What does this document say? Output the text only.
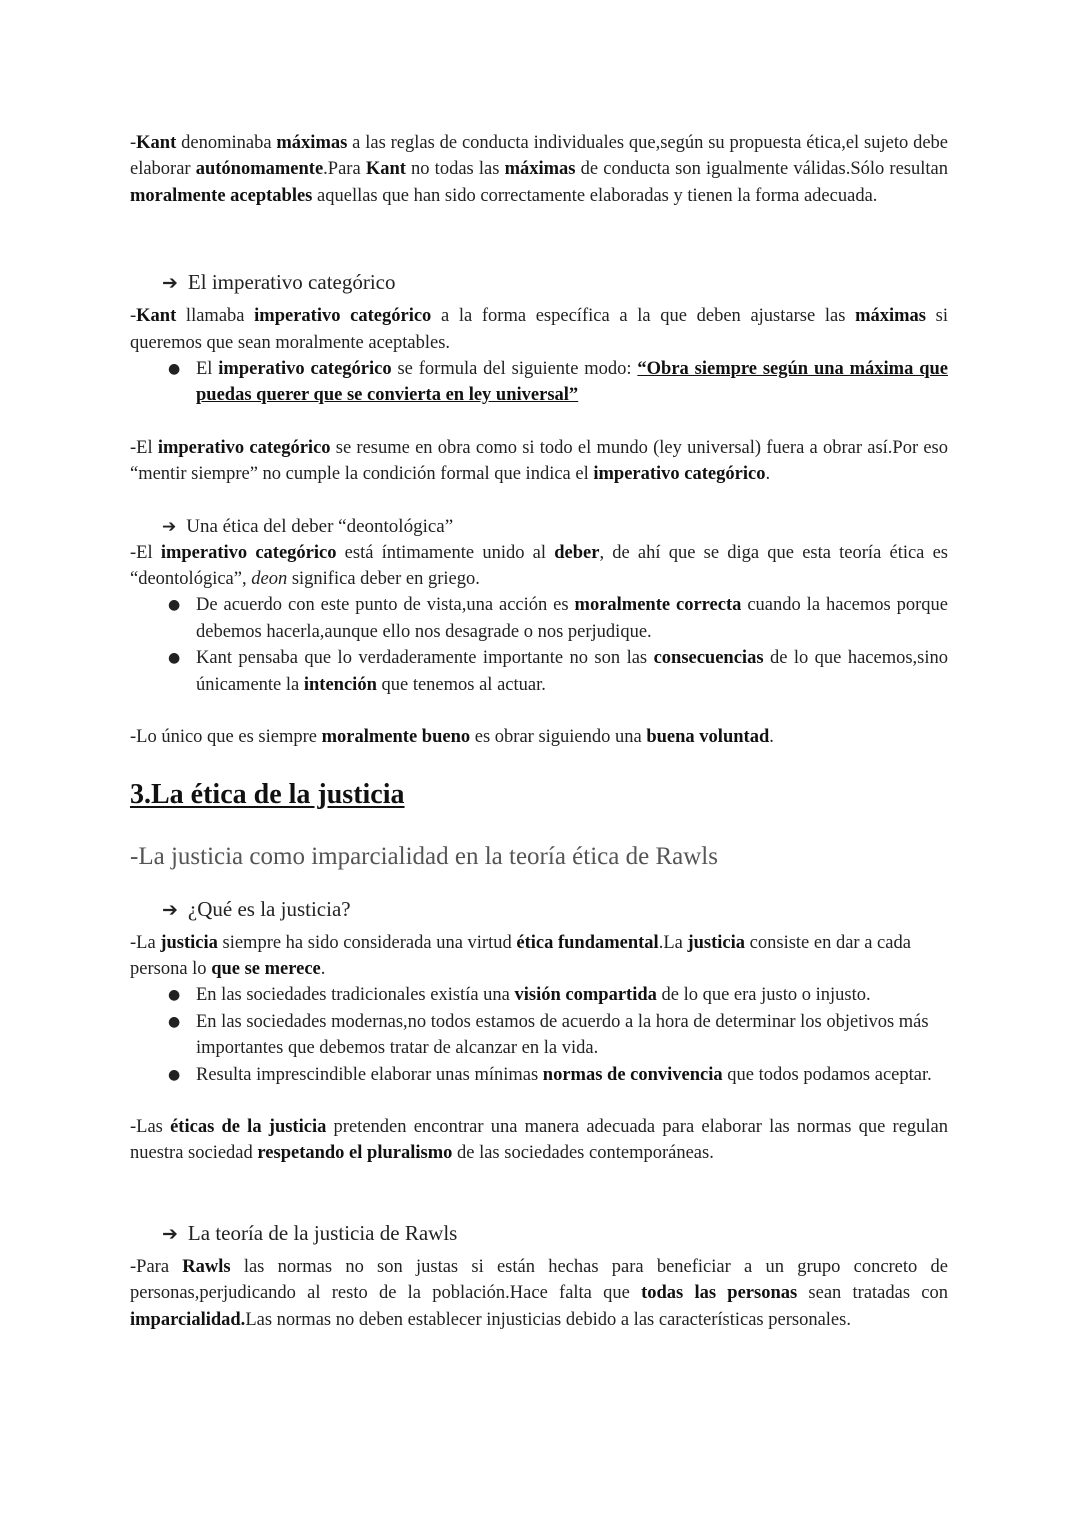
-Kant denominaba máximas a las reglas de conducta individuales que,según su propuesta ética,el sujeto debe elaborar autónomamente.Para Kant no todas las máximas de conducta son igualmente válidas.Sólo resultan moralmente aceptables aquellas que han sido correctamente elaboradas y tienen la forma adecuada.

➔ El imperativo categórico

-Kant llamaba imperativo categórico a la forma específica a la que deben ajustarse las máximas si queremos que sean moralmente aceptables.

● El imperativo categórico se formula del siguiente modo: “Obra siempre según una máxima que puedas querer que se convierta en ley universal”

-El imperativo categórico se resume en obra como si todo el mundo (ley universal) fuera a obrar así.Por eso “mentir siempre” no cumple la condición formal que indica el imperativo categórico.

➔ Una ética del deber “deontológica”

-El imperativo categórico está íntimamente unido al deber, de ahí que se diga que esta teoría ética es “deontológica”, deon significa deber en griego.

● De acuerdo con este punto de vista,una acción es moralmente correcta cuando la hacemos porque debemos hacerla,aunque ello nos desagrade o nos perjudique.
● Kant pensaba que lo verdaderamente importante no son las consecuencias de lo que hacemos,sino únicamente la intención que tenemos al actuar.

-Lo único que es siempre moralmente bueno es obrar siguiendo una buena voluntad.

3.La ética de la justicia
-La justicia como imparcialidad en la teoría ética de Rawls
➔ ¿Qué es la justicia?

-La justicia siempre ha sido considerada una virtud ética fundamental.La justicia consiste en dar a cada persona lo que se merece.

● En las sociedades tradicionales existía una visión compartida de lo que era justo o injusto.
● En las sociedades modernas,no todos estamos de acuerdo a la hora de determinar los objetivos más importantes que debemos tratar de alcanzar en la vida.
● Resulta imprescindible elaborar unas mínimas normas de convivencia que todos podamos aceptar.

-Las éticas de la justicia pretenden encontrar una manera adecuada para elaborar las normas que regulan nuestra sociedad respetando el pluralismo de las sociedades contemporáneas.

➔ La teoría de la justicia de Rawls

-Para Rawls las normas no son justas si están hechas para beneficiar a un grupo concreto de personas,perjudicando al resto de la población.Hace falta que todas las personas sean tratadas con imparcialidad.Las normas no deben establecer injusticias debido a las características personales.
